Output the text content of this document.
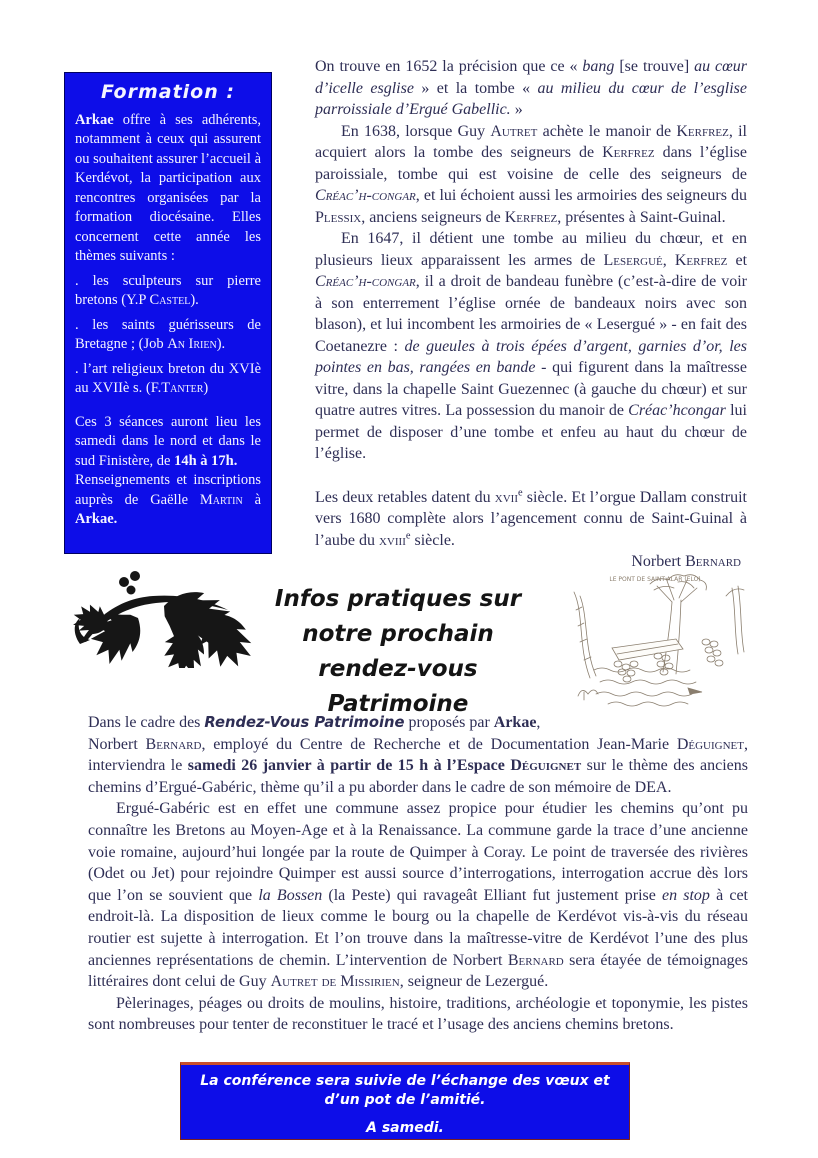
Formation :

Arkae offre à ses adhérents, notamment à ceux qui assurent ou souhaitent assurer l’accueil à Kerdévot, la participation aux rencontres organisées par la formation diocésaine. Elles concernent cette année les thèmes suivants :

. les sculpteurs sur pierre bretons (Y.P Castel).

. les saints guérisseurs de Bretagne ; (Job An Irien).

. l’art religieux breton du XVIè au XVIIè s. (F.Tanter)

Ces 3 séances auront lieu les samedi dans le nord et dans le sud Finistère, de 14h à 17h.

Renseignements et inscriptions auprès de Gaëlle Martin à Arkae.

On trouve en 1652 la précision que ce « bang [se trouve] au cœur d’icelle esglise » et la tombe « au milieu du cœur de l’esglise parroissiale d’Ergué Gabellic. »

En 1638, lorsque Guy Autret achète le manoir de Kerfrez, il acquiert alors la tombe des seigneurs de Kerfrez dans l’église paroissiale, tombe qui est voisine de celle des seigneurs de Créac’h-congar, et lui échoient aussi les armoiries des seigneurs du Plessix, anciens seigneurs de Kerfrez, présentes à Saint-Guinal.

En 1647, il détient une tombe au milieu du chœur, et en plusieurs lieux apparaissent les armes de Lesergué, Kerfrez et Créac’h-congar, il a droit de bandeau funèbre (c’est-à-dire de voir à son enterrement l’église ornée de bandeaux noirs avec son blason), et lui incombent les armoiries de « Lesergué » - en fait des Coetanezre : de gueules à trois épées d’argent, garnies d’or, les pointes en bas, rangées en bande - qui figurent dans la maîtresse vitre, dans la chapelle Saint Guezennec (à gauche du chœur) et sur quatre autres vitres. La possession du manoir de Créac’hcongar lui permet de disposer d’une tombe et enfeu au haut du chœur de l’église.

Les deux retables datent du xvii$^e$ siècle. Et l’orgue Dallam construit vers 1680 complète alors l’agencement connu de Saint-Guinal à l’aube du xviii$^e$ siècle.

Norbert Bernard

Infos pratiques sur
notre prochain
rendez-vous Patrimoine
LE PONT DE SAINT-ALAR (ELO)

Dans le cadre des Rendez-Vous Patrimoine proposés par Arkae,

Norbert Bernard, employé du Centre de Recherche et de Documentation Jean-Marie Déguignet, interviendra le samedi 26 janvier à partir de 15 h à l’Espace Déguignet sur le thème des anciens chemins d’Ergué-Gabéric, thème qu’il a pu aborder dans le cadre de son mémoire de DEA.

Ergué-Gabéric est en effet une commune assez propice pour étudier les chemins qu’ont pu connaître les Bretons au Moyen-Age et à la Renaissance. La commune garde la trace d’une ancienne voie romaine, aujourd’hui longée par la route de Quimper à Coray. Le point de traversée des rivières (Odet ou Jet) pour rejoindre Quimper est aussi source d’interrogations, interrogation accrue dès lors que l’on se souvient que la Bossen (la Peste) qui ravageât Elliant fut justement prise en stop à cet endroit-là. La disposition de lieux comme le bourg ou la chapelle de Kerdévot vis-à-vis du réseau routier est sujette à interrogation. Et l’on trouve dans la maîtresse-vitre de Kerdévot l’une des plus anciennes représentations de chemin. L’intervention de Norbert Bernard sera étayée de témoignages littéraires dont celui de Guy Autret de Missirien, seigneur de Lezergué.

Pèlerinages, péages ou droits de moulins, histoire, traditions, archéologie et toponymie, les pistes sont nombreuses pour tenter de reconstituer le tracé et l’usage des anciens chemins bretons.

La conférence sera suivie de l’échange des vœux et
d’un pot de l’amitié.
A samedi.
